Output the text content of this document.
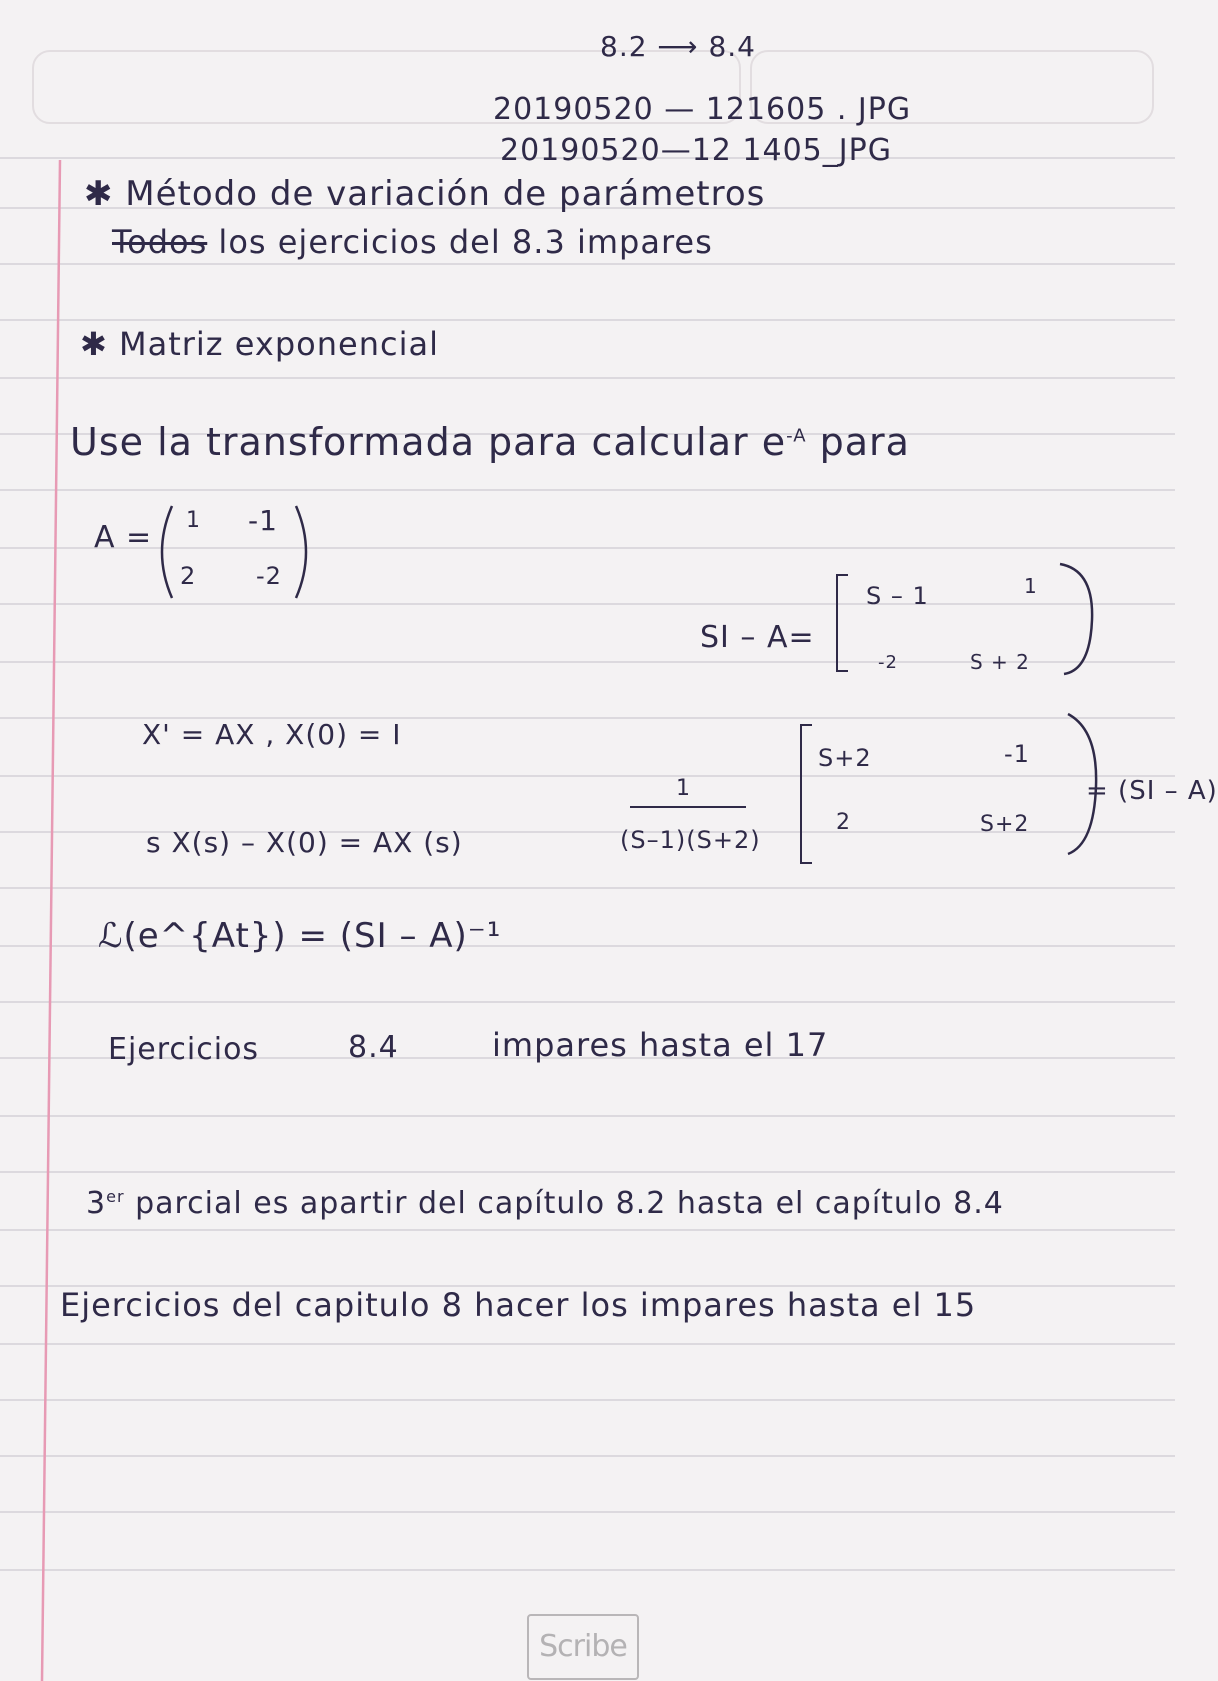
8.2 ⟶ 8.4
20190520 — 121605 . JPG
20190520—12 1405_JPG
✱ Método de variación de parámetros
Todos los ejercicios del 8.3 impares
✱ Matriz exponencial
Use la transformada para calcular $e^{-A}$ para
A = 1 -1
2 -2
SI – A=
S – 1	1
-2	S + 2
X' = AX , X(0) = I
1
(S–1)(S+2)
S+2	-1
2	S+2
= (SI – A)
s X(s) – X(0) = AX (s)
ℒ(e^{At}) = (SI – A)⁻¹
Ejercicios	8.4	impares hasta el 17
3er parcial es apartir del capítulo 8.2 hasta el capítulo 8.4
Ejercicios del capitulo 8 hacer los impares hasta el 15
Scribe
